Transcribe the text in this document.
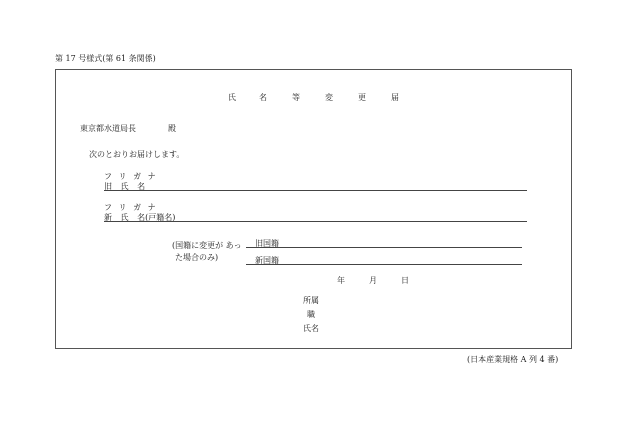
第 17 号様式(第 61 条関係)
氏	名	等	変	更	届
東京都水道局長	殿
次のとおりお届けします。
フ リ ガ ナ
旧 氏 名
フ リ ガ ナ
新 氏 名(戸籍名)
(国籍に変更が あっ
た場合のみ)
旧国籍
新国籍
年	月	日
所属
職
氏名
(日本産業規格 A 列 4 番)
